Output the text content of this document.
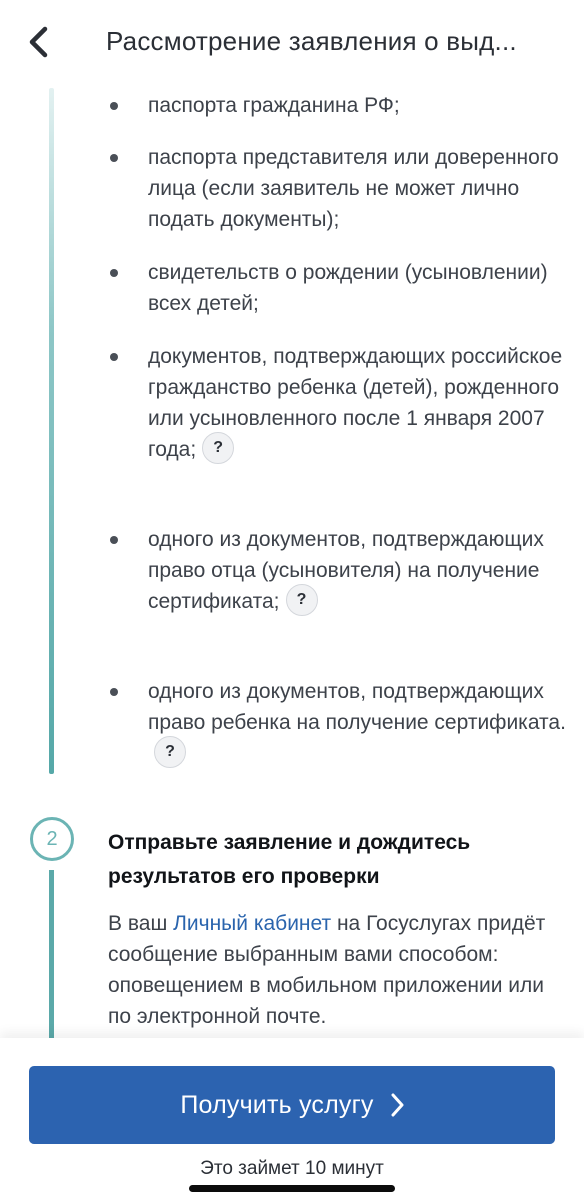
Рассмотрение заявления о выд...
паспорта гражданина РФ;
паспорта представителя или доверенного лица (если заявитель не может лично подать документы);
свидетельств о рождении (усыновлении) всех детей;
документов, подтверждающих российское гражданство ребенка (детей), рожденного или усыновленного после 1 января 2007 года; ?
одного из документов, подтверждающих право отца (усыновителя) на получение сертификата; ?
одного из документов, подтверждающих право ребенка на получение сертификата.?
2	Отправьте заявление и дождитесь результатов его проверки
В ваш Личный кабинет на Госуслугах придёт сообщение выбранным вами способом: оповещением в мобильном приложении или по электронной почте.
Получить услугу
Это займет 10 минут
